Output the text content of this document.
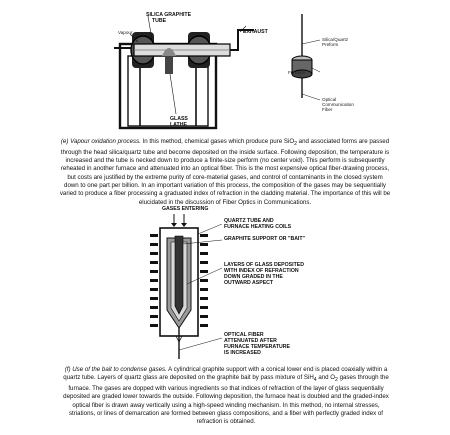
SILICA GRAPHITE
TUBE
Vapour	EXHAUST
GLASS
LATHE
Silica/Quartz
Preform
Furnace
Optical
Communication
Fiber
(e) Vapour oxidation process. In this method, chemical gases which produce pure SiO$_2$ and associated forms are passed
through the head silica/quartz tube and become deposited on the inside surface. Following deposition, the temperature is
increased and the tube is necked down to produce a finite-size perform (no center void). This perform is subsequently
reheated in another furnace and attenuated into an optical fiber. This is the most expensive optical fiber-drawing process,
but costs are justified by the extreme purity of core-material gases, and control of contaminants in the closed system
down to one part per billion. In an important variation of this process, the composition of the gases may be sequentially
varied to produce a fiber processing a graduated index of refraction in the cladding material. The importance of this will be
elucidated in the discussion of Fiber Optics in Communications.
GASES ENTERING
QUARTZ TUBE AND
FURNACE HEATING COILS
GRAPHITE SUPPORT OR "BAIT"
LAYERS OF GLASS DEPOSITED
WITH INDEX OF REFRACTION
DOWN GRADED IN THE
OUTWARD ASPECT
OPTICAL FIBER
ATTENUATED AFTER
FURNACE TEMPERATURE
IS INCREASED
(f) Use of the bait to condense gases. A cylindrical graphite support with a conical lower end is placed coaxially within a
quartz tube. Layers of quartz glass are deposited on the graphite bait by pass mixture of SiH$_4$ and $O_2$ gases through the
furnace. The gases are dopped with various ingredients so that indices of refraction of the layer of glass sequentially
deposited are graded lower towards the outside. Following deposition, the furnace heat is doubled and the graded-index
optical fiber is drawn away vertically using a high-speed winding mechanism. In this method, no internal stresses,
striations, or lines of demarcation are formed between glass compositions, and a fiber with perfectly graded index of
refraction is obtained.
